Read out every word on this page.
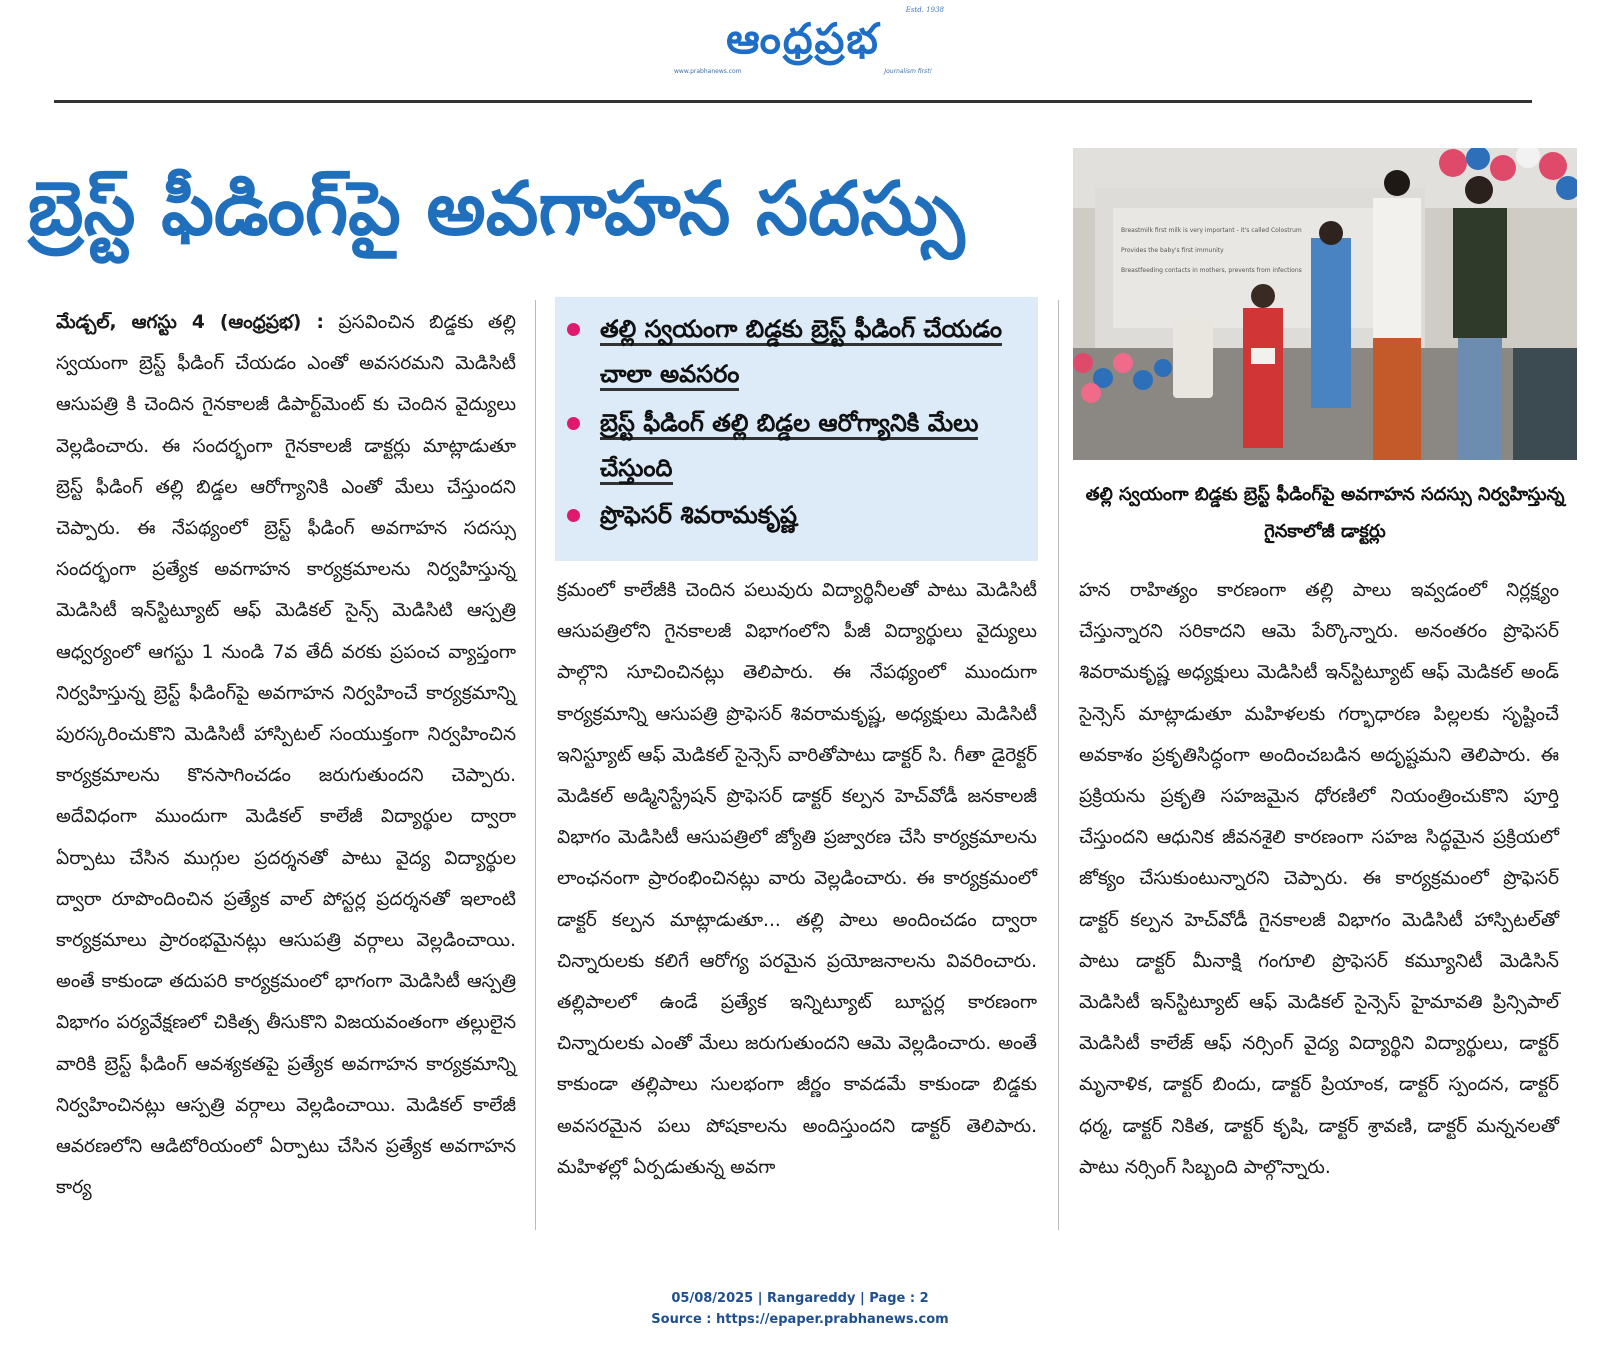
ఆంధ్రప్రభ
Estd. 1938
www.prabhanews.com	Journalism first!
బ్రెస్ట్ ఫీడింగ్‌పై అవగాహన సదస్సు	Breastmilk first milk is very important - it's called Colostrum
Provides the baby's first immunity
Breastfeeding contacts in mothers, prevents from infections
తల్లి స్వయంగా బిడ్డకు బ్రెస్ట్ ఫీడింగ్‌పై అవగాహన సదస్సు నిర్వహిస్తున్న గైనకాలోజీ డాక్టర్లు
తల్లి స్వయంగా బిడ్డకు బ్రెస్ట్ ఫీడింగ్ చేయడం చాలా అవసరం
బ్రెస్ట్ ఫీడింగ్ తల్లి బిడ్డల ఆరోగ్యానికి మేలు చేస్తుంది
ప్రొఫెసర్ శివరామకృష్ణ

మేడ్చల్, ఆగస్టు 4 (ఆంధ్రప్రభ) : ప్రసవించిన బిడ్డకు తల్లి స్వయంగా బ్రెస్ట్ ఫీడింగ్ చేయడం ఎంతో అవసరమని మెడిసిటీ ఆసుపత్రి కి చెందిన గైనకాలజీ డిపార్ట్‌మెంట్ కు చెందిన వైద్యులు వెల్లడించారు. ఈ సందర్భంగా గైనకాలజీ డాక్టర్లు మాట్లాడుతూ బ్రెస్ట్ ఫీడింగ్ తల్లి బిడ్డల ఆరోగ్యానికి ఎంతో మేలు చేస్తుందని చెప్పారు. ఈ నేపథ్యంలో బ్రెస్ట్ ఫీడింగ్ అవగాహన సదస్సు సందర్భంగా ప్రత్యేక అవగాహన కార్యక్రమాలను నిర్వహిస్తున్న మెడిసిటీ ఇన్‌స్టిట్యూట్ ఆఫ్ మెడికల్ సైన్స్ మెడిసిటి ఆస్పత్రి ఆధ్వర్యంలో ఆగస్టు 1 నుండి 7వ తేదీ వరకు ప్రపంచ వ్యాప్తంగా నిర్వహిస్తున్న బ్రెస్ట్ ఫీడింగ్‌పై అవగాహన నిర్వహించే కార్యక్రమాన్ని పురస్కరించుకొని మెడిసిటీ హాస్పిటల్ సంయుక్తంగా నిర్వహించిన కార్యక్రమాలను కొనసాగించడం జరుగుతుందని చెప్పారు. అదేవిధంగా ముందుగా మెడికల్ కాలేజీ విద్యార్థుల ద్వారా ఏర్పాటు చేసిన ముగ్గుల ప్రదర్శనతో పాటు వైద్య విద్యార్థుల ద్వారా రూపొందించిన ప్రత్యేక వాల్ పోస్టర్ల ప్రదర్శనతో ఇలాంటి కార్యక్రమాలు ప్రారంభమైనట్లు ఆసుపత్రి వర్గాలు వెల్లడించాయి. అంతే కాకుండా తదుపరి కార్యక్రమంలో భాగంగా మెడిసిటీ ఆస్పత్రి విభాగం పర్యవేక్షణలో చికిత్స తీసుకొని విజయవంతంగా తల్లులైన వారికి బ్రెస్ట్ ఫీడింగ్ ఆవశ్యకతపై ప్రత్యేక అవగాహన కార్యక్రమాన్ని నిర్వహించినట్లు ఆస్పత్రి వర్గాలు వెల్లడించాయి. మెడికల్ కాలేజీ ఆవరణలోని ఆడిటోరియంలో ఏర్పాటు చేసిన ప్రత్యేక అవగాహన కార్య

క్రమంలో కాలేజీకి చెందిన పలువురు విద్యార్థినీలతో పాటు మెడిసిటీ ఆసుపత్రిలోని గైనకాలజీ విభాగంలోని పీజీ విద్యార్థులు వైద్యులు పాల్గొని సూచించినట్లు తెలిపారు. ఈ నేపథ్యంలో ముందుగా కార్యక్రమాన్ని ఆసుపత్రి ప్రొఫెసర్ శివరామకృష్ణ, అధ్యక్షులు మెడిసిటీ ఇనిస్ట్యూట్ ఆఫ్ మెడికల్ సైన్సెస్ వారితోపాటు డాక్టర్ సి. గీతా డైరెక్టర్ మెడికల్ అడ్మినిస్ట్రేషన్ ప్రొఫెసర్ డాక్టర్ కల్పన హెచ్‌వోడీ జనకాలజీ విభాగం మెడిసిటీ ఆసుపత్రిలో జ్యోతి ప్రజ్వారణ చేసి కార్యక్రమాలను లాంఛనంగా ప్రారంభించినట్లు వారు వెల్లడించారు. ఈ కార్యక్రమంలో డాక్టర్ కల్పన మాట్లాడుతూ... తల్లి పాలు అందించడం ద్వారా చిన్నారులకు కలిగే ఆరోగ్య పరమైన ప్రయోజనాలను వివరించారు. తల్లిపాలలో ఉండే ప్రత్యేక ఇన్నిట్యూట్ బూస్టర్ల కారణంగా చిన్నారులకు ఎంతో మేలు జరుగుతుందని ఆమె వెల్లడించారు. అంతే కాకుండా తల్లిపాలు సులభంగా జీర్ణం కావడమే కాకుండా బిడ్డకు అవసరమైన పలు పోషకాలను అందిస్తుందని డాక్టర్ తెలిపారు. మహిళల్లో ఏర్పడుతున్న అవగా

హన రాహిత్యం కారణంగా తల్లి పాలు ఇవ్వడంలో నిర్లక్ష్యం చేస్తున్నారని సరికాదని ఆమె పేర్కొన్నారు. అనంతరం ప్రొఫెసర్ శివరామకృష్ణ అధ్యక్షులు మెడిసిటీ ఇన్‌స్టిట్యూట్ ఆఫ్ మెడికల్ అండ్ సైన్సెస్ మాట్లాడుతూ మహిళలకు గర్భాధారణ పిల్లలకు సృష్టించే అవకాశం ప్రకృతిసిద్ధంగా అందించబడిన అదృష్టమని తెలిపారు. ఈ ప్రక్రియను ప్రకృతి సహజమైన ధోరణిలో నియంత్రించుకొని పూర్తి చేస్తుందని ఆధునిక జీవనశైలి కారణంగా సహజ సిద్ధమైన ప్రక్రియలో జోక్యం చేసుకుంటున్నారని చెప్పారు. ఈ కార్యక్రమంలో ప్రొఫెసర్ డాక్టర్ కల్పన హెచ్‌వోడీ గైనకాలజీ విభాగం మెడిసిటీ హాస్పిటల్‌తో పాటు డాక్టర్ మీనాక్షి గంగూలి ప్రొఫెసర్ కమ్యూనిటీ మెడిసిన్ మెడిసిటీ ఇన్‌స్టిట్యూట్ ఆఫ్ మెడికల్ సైన్సెస్ హైమావతి ప్రిన్సిపాల్ మెడిసిటీ కాలేజ్ ఆఫ్ నర్సింగ్ వైద్య విద్యార్థిని విద్యార్థులు, డాక్టర్ మృనాళిక, డాక్టర్ బిందు, డాక్టర్ ప్రియాంక, డాక్టర్ స్పందన, డాక్టర్ ధర్మ, డాక్టర్ నికిత, డాక్టర్ కృషి, డాక్టర్ శ్రావణి, డాక్టర్ మన్ననలతో పాటు నర్సింగ్ సిబ్బంది పాల్గొన్నారు.

05/08/2025 | Rangareddy | Page : 2
Source : https://epaper.prabhanews.com
